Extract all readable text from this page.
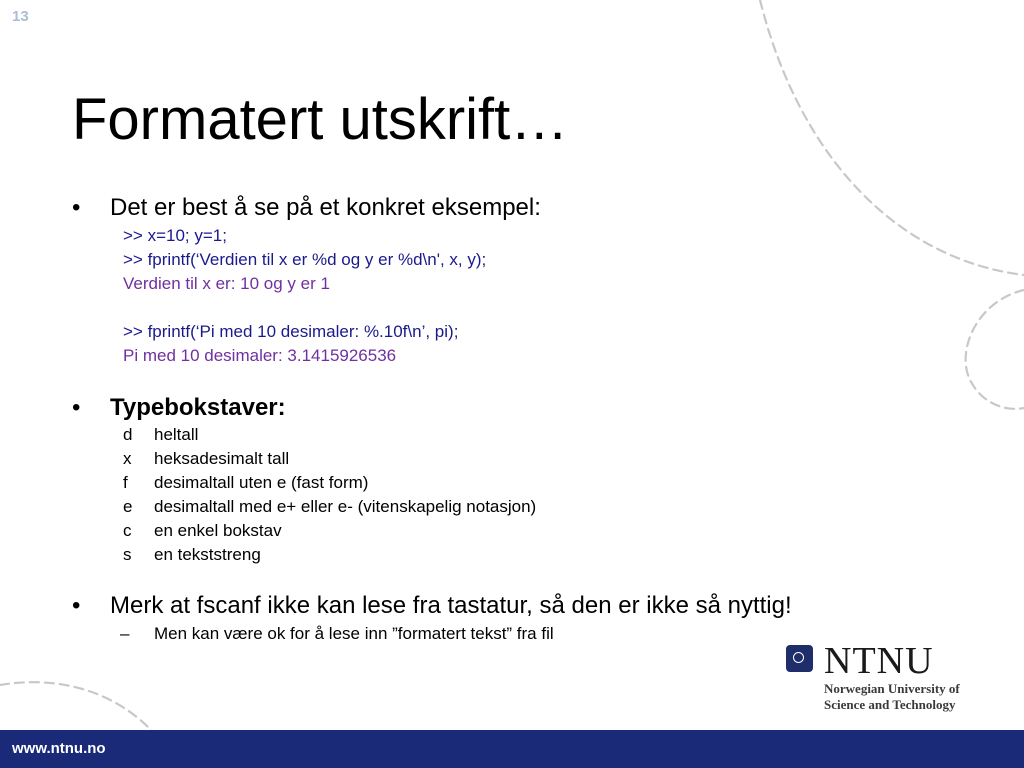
13
Formatert utskrift…
• Det er best å se på et konkret eksempel:
>> x=10; y=1;
>> fprintf(‘Verdien til x er %d og y er %d\n', x, y);
Verdien til x er: 10 og y er 1
>> fprintf(‘Pi med 10 desimaler: %.10f\n’, pi);
Pi med 10 desimaler: 3.1415926536
• Typebokstaver:
d heltall
x heksadesimalt tall
f desimaltall uten e (fast form)
e desimaltall med e+ eller e- (vitenskapelig notasjon)
c en enkel bokstav
s en tekststreng
• Merk at fscanf ikke kan lese fra tastatur, så den er ikke så nyttig!
– Men kan være ok for å lese inn ”formatert tekst” fra fil
NTNU
Norwegian University of
Science and Technology
www.ntnu.no
